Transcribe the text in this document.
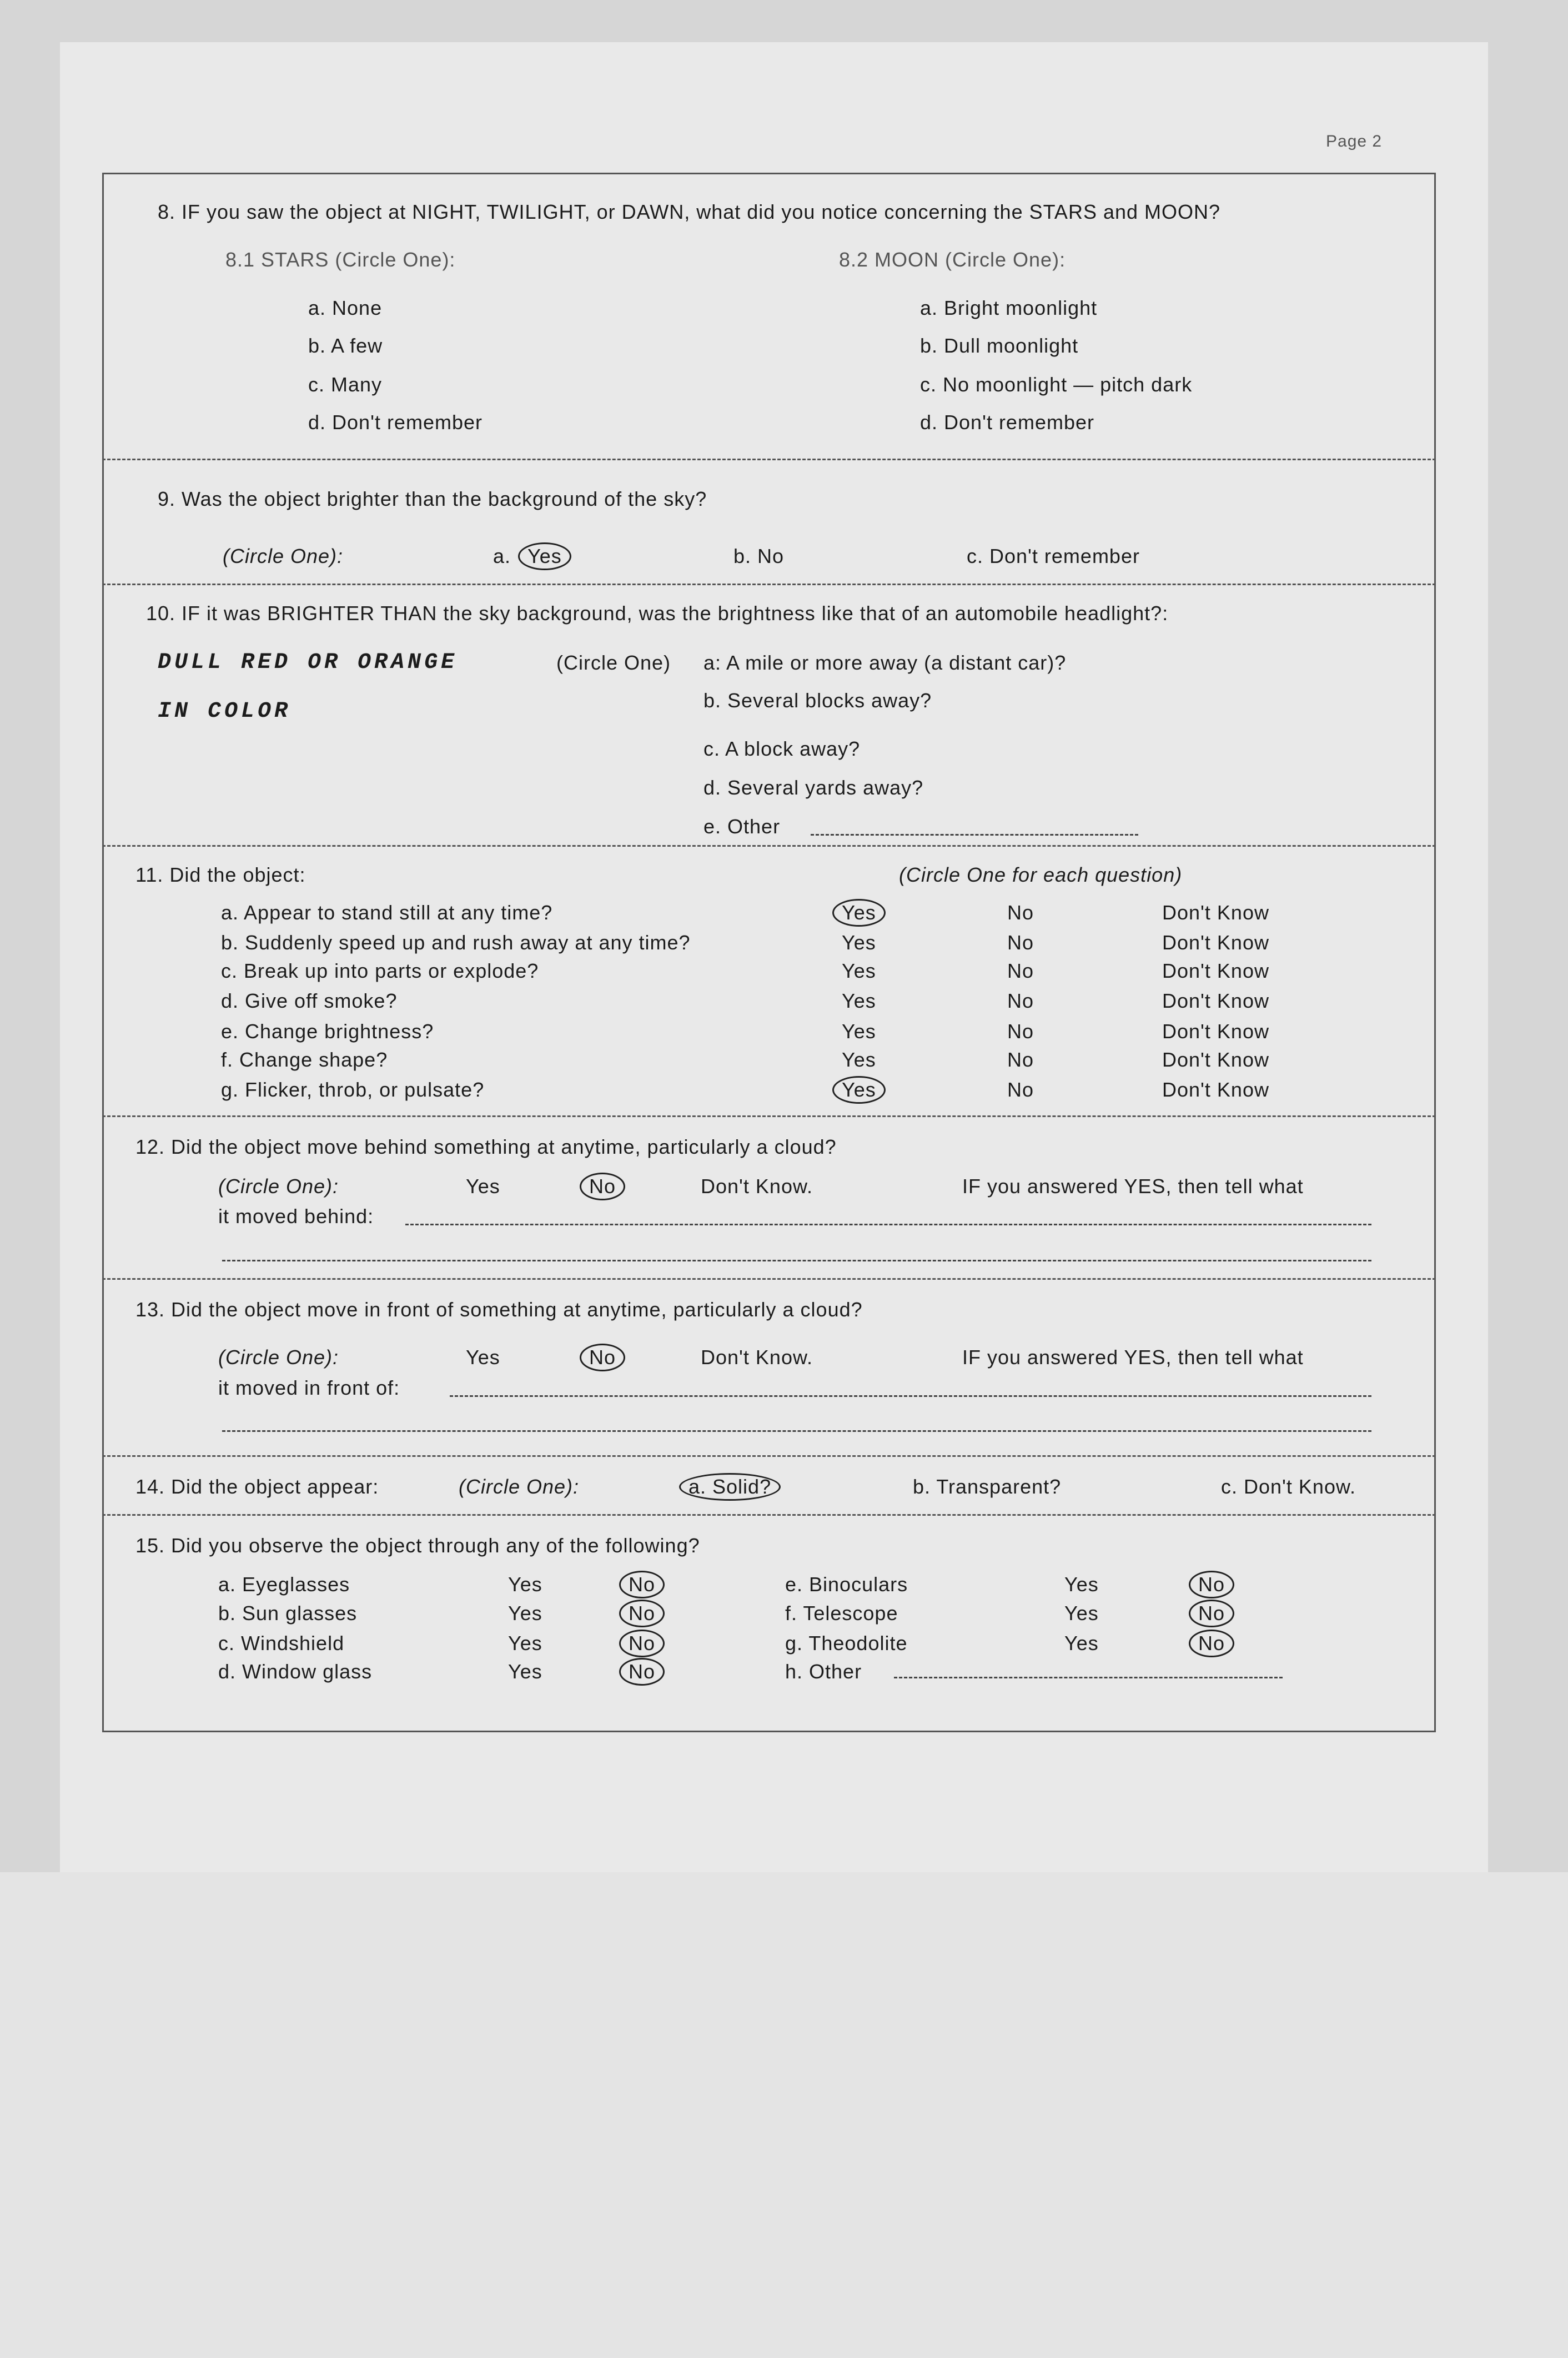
Page 2
8. IF you saw the object at NIGHT, TWILIGHT, or DAWN, what did you notice concerning the STARS and MOON?
8.1 STARS (Circle One):	8.2 MOON (Circle One):
a. None
b. A few
c. Many
d. Don't remember
a. Bright moonlight
b. Dull moonlight
c. No moonlight — pitch dark
d. Don't remember
9. Was the object brighter than the background of the sky?
(Circle One):	a. Yes	b. No	c. Don't remember
10. IF it was BRIGHTER THAN the sky background, was the brightness like that of an automobile headlight?:
DULL RED OR ORANGE
IN COLOR
(Circle One) a: A mile or more away (a distant car)?
b. Several blocks away?
c. A block away?
d. Several yards away?
e. Other
11. Did the object:	(Circle One for each question)
a. Appear to stand still at any time?	Yes	No	Don't Know
b. Suddenly speed up and rush away at any time?	Yes	No	Don't Know
c. Break up into parts or explode?	Yes	No	Don't Know
d. Give off smoke?	Yes	No	Don't Know
e. Change brightness?	Yes	No	Don't Know
f. Change shape?	Yes	No	Don't Know
g. Flicker, throb, or pulsate?	Yes	No	Don't Know
12. Did the object move behind something at anytime, particularly a cloud?
(Circle One):	Yes	No	Don't Know.	IF you answered YES, then tell what
it moved behind:
13. Did the object move in front of something at anytime, particularly a cloud?
(Circle One):	Yes	No	Don't Know.	IF you answered YES, then tell what
it moved in front of:
14. Did the object appear:	(Circle One):	a. Solid?	b. Transparent?	c. Don't Know.
15. Did you observe the object through any of the following?
a. Eyeglasses	Yes	No
b. Sun glasses	Yes	No
c. Windshield	Yes	No
d. Window glass	Yes	No
e. Binoculars	Yes	No
f. Telescope	Yes	No
g. Theodolite	Yes	No
h. Other
